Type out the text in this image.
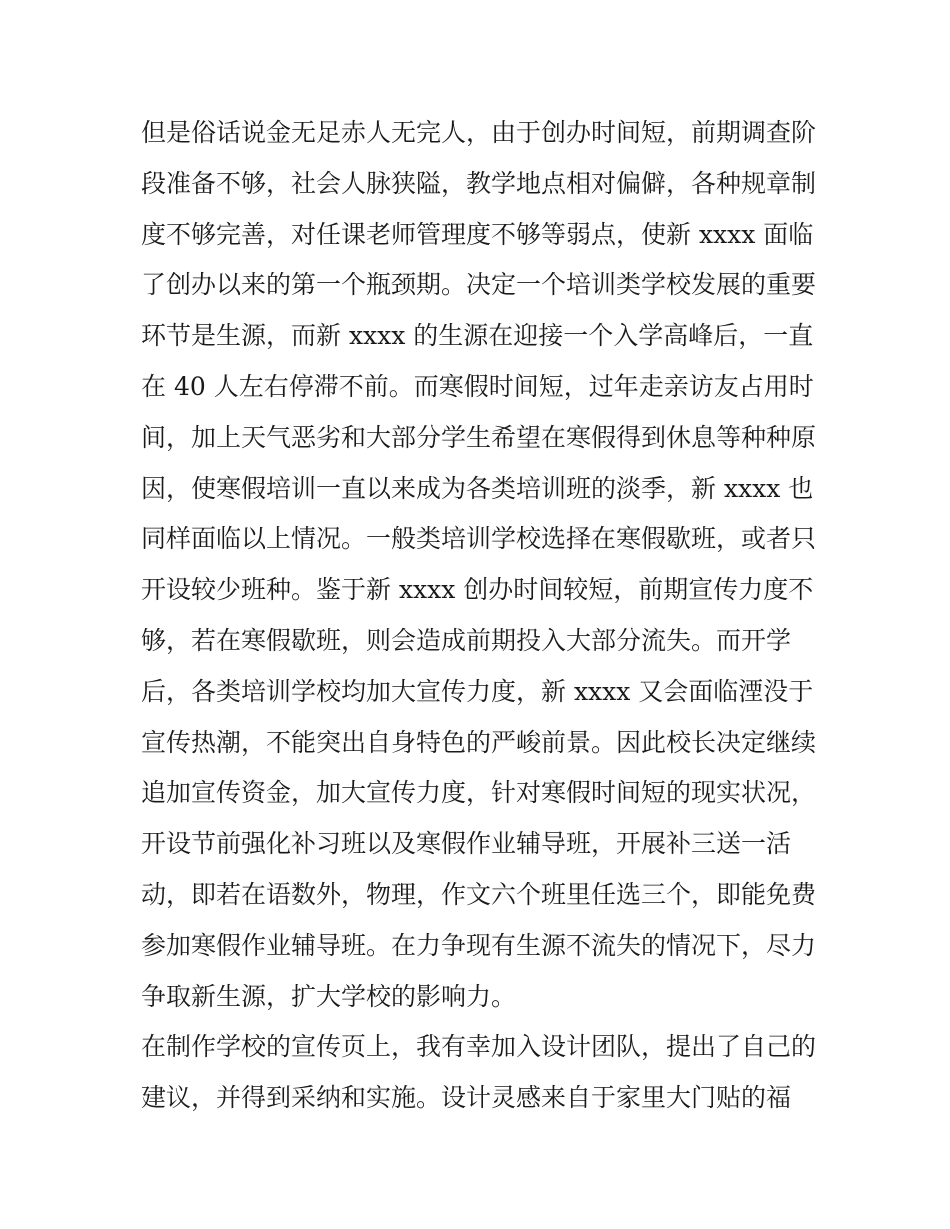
但是俗话说金无足赤人无完人，由于创办时间短，前期调查阶
段准备不够，社会人脉狭隘，教学地点相对偏僻，各种规章制
度不够完善，对任课老师管理度不够等弱点，使新 xxxx 面临
了创办以来的第一个瓶颈期。决定一个培训类学校发展的重要
环节是生源，而新 xxxx 的生源在迎接一个入学高峰后，一直
在 40 人左右停滞不前。而寒假时间短，过年走亲访友占用时
间，加上天气恶劣和大部分学生希望在寒假得到休息等种种原
因，使寒假培训一直以来成为各类培训班的淡季，新 xxxx 也
同样面临以上情况。一般类培训学校选择在寒假歇班，或者只
开设较少班种。鉴于新 xxxx 创办时间较短，前期宣传力度不
够，若在寒假歇班，则会造成前期投入大部分流失。而开学
后，各类培训学校均加大宣传力度，新 xxxx 又会面临湮没于
宣传热潮，不能突出自身特色的严峻前景。因此校长决定继续
追加宣传资金，加大宣传力度，针对寒假时间短的现实状况，
开设节前强化补习班以及寒假作业辅导班，开展补三送一活
动，即若在语数外，物理，作文六个班里任选三个，即能免费
参加寒假作业辅导班。在力争现有生源不流失的情况下，尽力
争取新生源，扩大学校的影响力。
在制作学校的宣传页上，我有幸加入设计团队，提出了自己的
建议，并得到采纳和实施。设计灵感来自于家里大门贴的福
